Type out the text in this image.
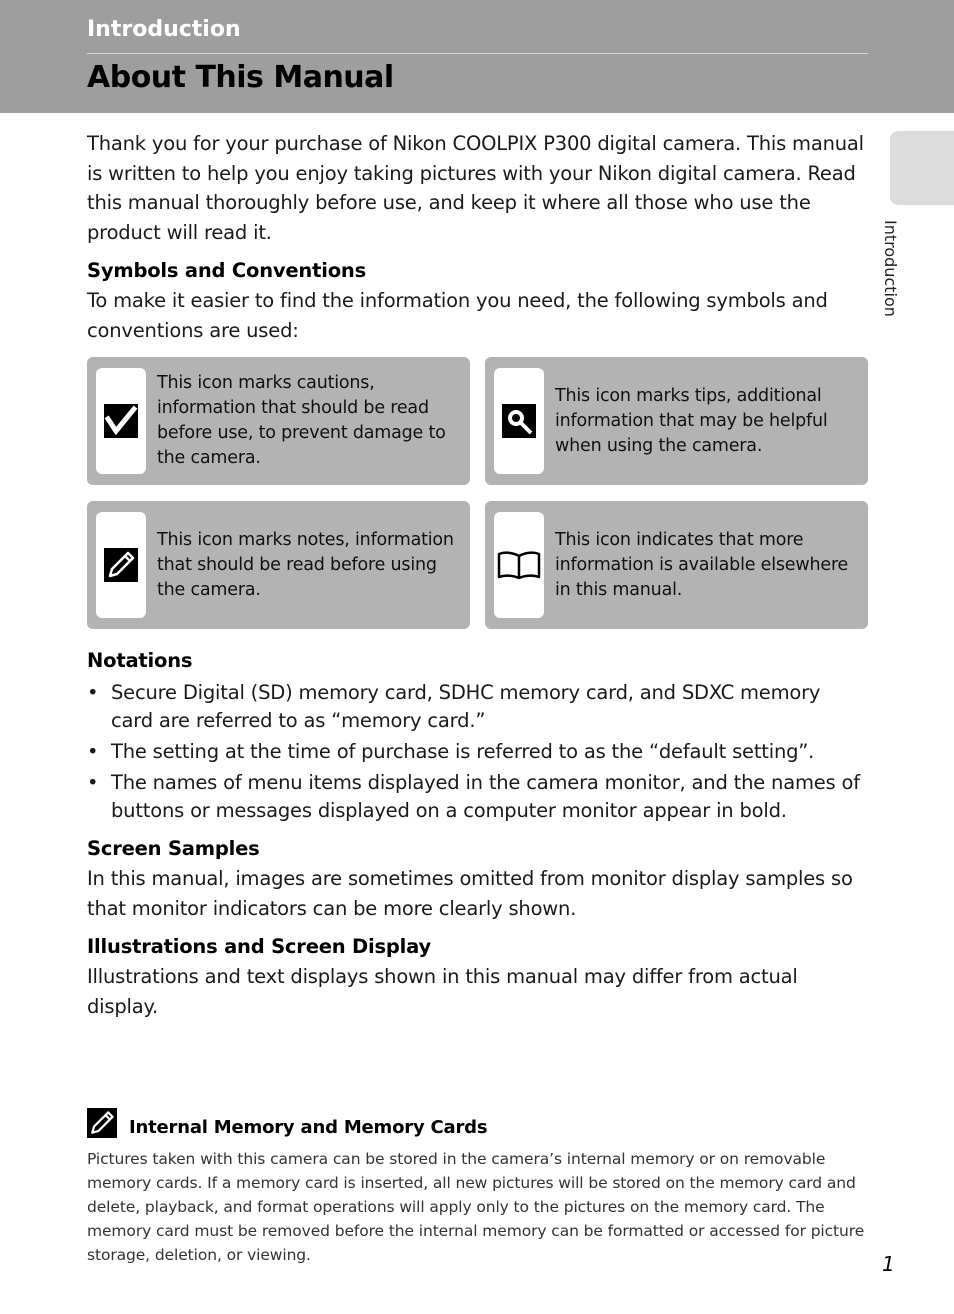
Introduction
About This Manual
Introduction

Thank you for your purchase of Nikon COOLPIX P300 digital camera. This manual is written to help you enjoy taking pictures with your Nikon digital camera. Read this manual thoroughly before use, and keep it where all those who use the product will read it.

Symbols and Conventions

To make it easier to find the information you need, the following symbols and conventions are used:

This icon marks cautions, information that should be read before use, to prevent damage to the camera.
This icon marks tips, additional information that may be helpful when using the camera.
This icon marks notes, information that should be read before using the camera.
This icon indicates that more information is available elsewhere in this manual.
Notations
• Secure Digital (SD) memory card, SDHC memory card, and SDXC memory card are referred to as “memory card.”
• The setting at the time of purchase is referred to as the “default setting”.
• The names of menu items displayed in the camera monitor, and the names of buttons or messages displayed on a computer monitor appear in bold.
Screen Samples

In this manual, images are sometimes omitted from monitor display samples so that monitor indicators can be more clearly shown.

Illustrations and Screen Display

Illustrations and text displays shown in this manual may differ from actual display.

Internal Memory and Memory Cards

Pictures taken with this camera can be stored in the camera’s internal memory or on removable memory cards. If a memory card is inserted, all new pictures will be stored on the memory card and delete, playback, and format operations will apply only to the pictures on the memory card. The memory card must be removed before the internal memory can be formatted or accessed for picture storage, deletion, or viewing.	1
